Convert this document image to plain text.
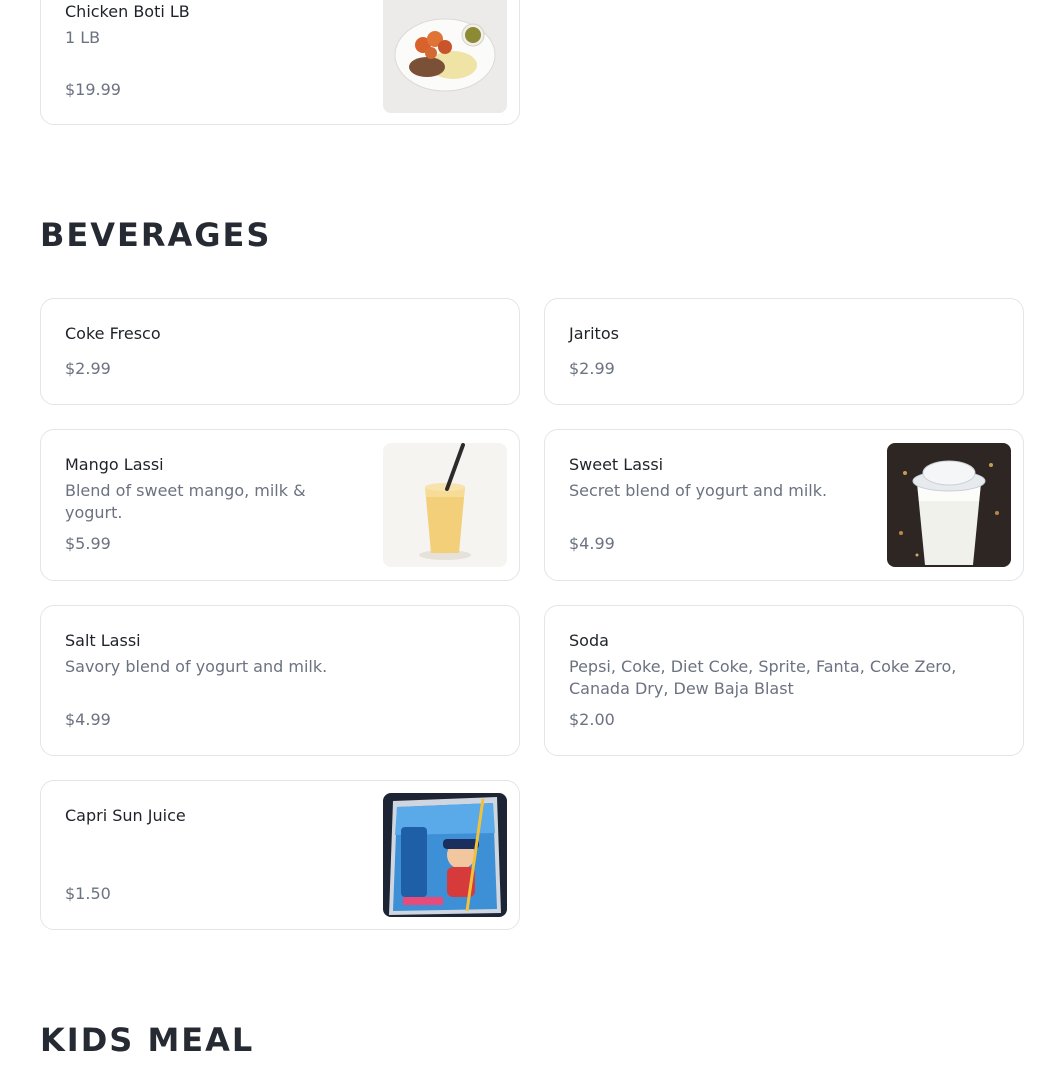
Chicken Boti LB
1 LB
$19.99
BEVERAGES
Coke Fresco
$2.99
Jaritos
$2.99
Mango Lassi
Blend of sweet mango, milk & yogurt.
$5.99
Sweet Lassi
Secret blend of yogurt and milk.
$4.99
Salt Lassi
Savory blend of yogurt and milk.
$4.99
Soda
Pepsi, Coke, Diet Coke, Sprite, Fanta, Coke Zero, Canada Dry, Dew Baja Blast
$2.00
Capri Sun Juice
$1.50
KIDS MEAL
